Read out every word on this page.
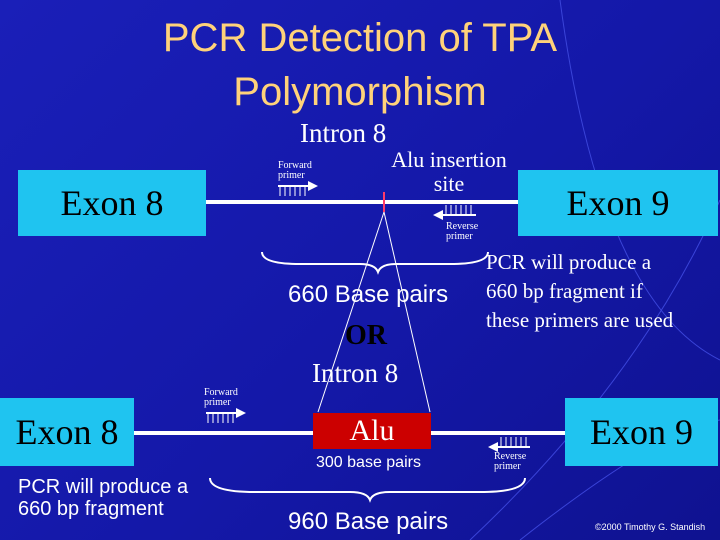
PCR Detection of TPA
Polymorphism
Intron 8
Exon 8	Exon 9
Forward
primer
Alu insertion
site
Reverse
primer
660 Base pairs
PCR will produce a
660 bp fragment if
these primers are used
OR
Intron 8
Exon 8	Exon 9
Forward
primer
Alu
300 base pairs	Reverse
primer
PCR will produce a
660 bp fragment	960 Base pairs	©2000 Timothy G. Standish
